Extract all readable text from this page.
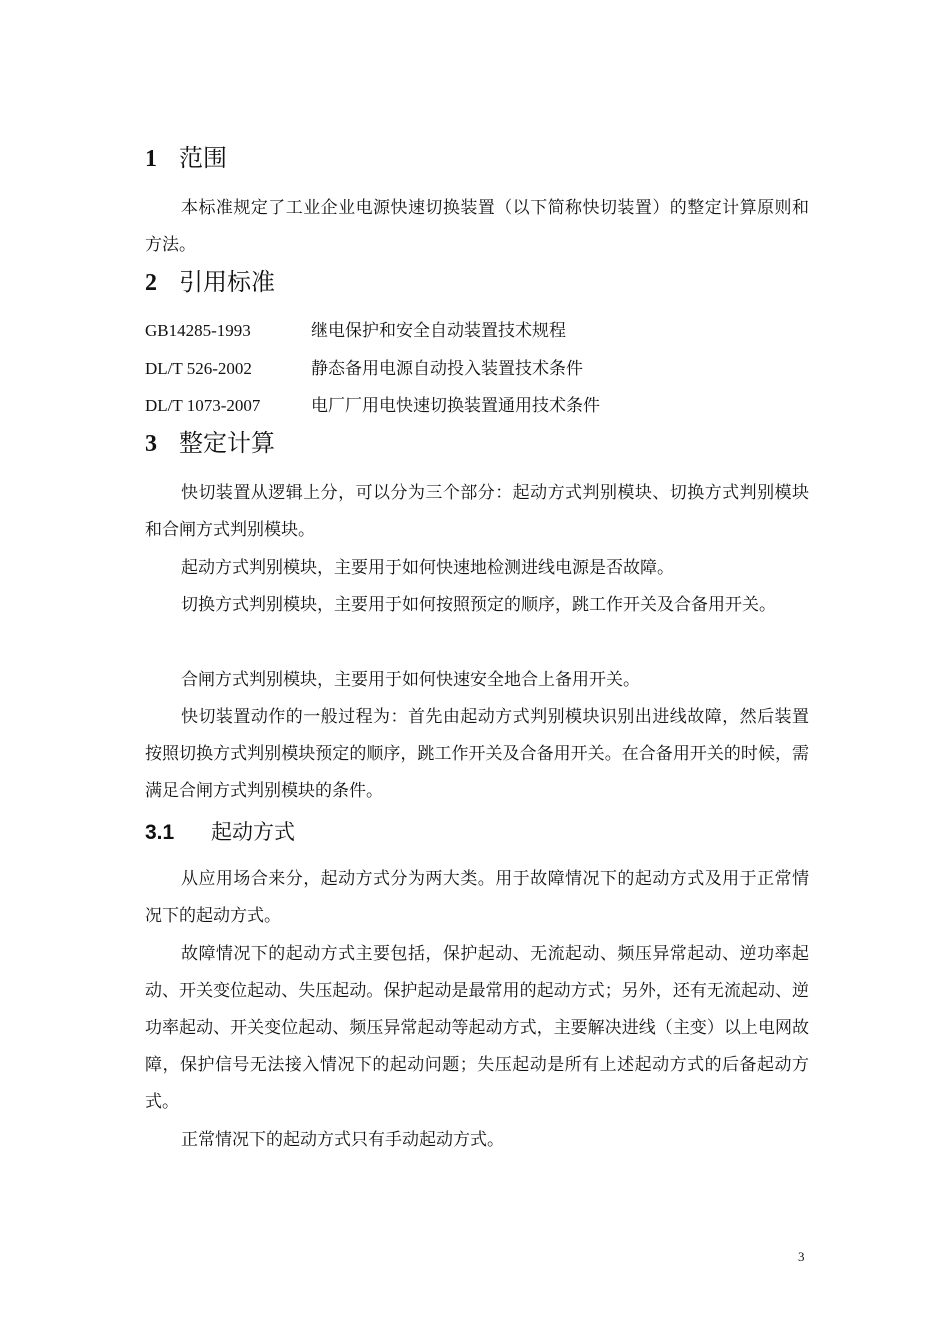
1 范围
本标准规定了工业企业电源快速切换装置（以下简称快切装置）的整定计算原则和方法。
2 引用标准
GB14285-1993	继电保护和安全自动装置技术规程
DL/T 526-2002	静态备用电源自动投入装置技术条件
DL/T 1073-2007	电厂厂用电快速切换装置通用技术条件
3 整定计算
快切装置从逻辑上分，可以分为三个部分：起动方式判别模块、切换方式判别模块和合闸方式判别模块。
起动方式判别模块，主要用于如何快速地检测进线电源是否故障。
切换方式判别模块，主要用于如何按照预定的顺序，跳工作开关及合备用开关。
合闸方式判别模块，主要用于如何快速安全地合上备用开关。
快切装置动作的一般过程为：首先由起动方式判别模块识别出进线故障，然后装置按照切换方式判别模块预定的顺序，跳工作开关及合备用开关。在合备用开关的时候，需满足合闸方式判别模块的条件。
3.1 起动方式
从应用场合来分，起动方式分为两大类。用于故障情况下的起动方式及用于正常情况下的起动方式。
故障情况下的起动方式主要包括，保护起动、无流起动、频压异常起动、逆功率起动、开关变位起动、失压起动。保护起动是最常用的起动方式；另外，还有无流起动、逆功率起动、开关变位起动、频压异常起动等起动方式，主要解决进线（主变）以上电网故障，保护信号无法接入情况下的起动问题；失压起动是所有上述起动方式的后备起动方式。
正常情况下的起动方式只有手动起动方式。
3
